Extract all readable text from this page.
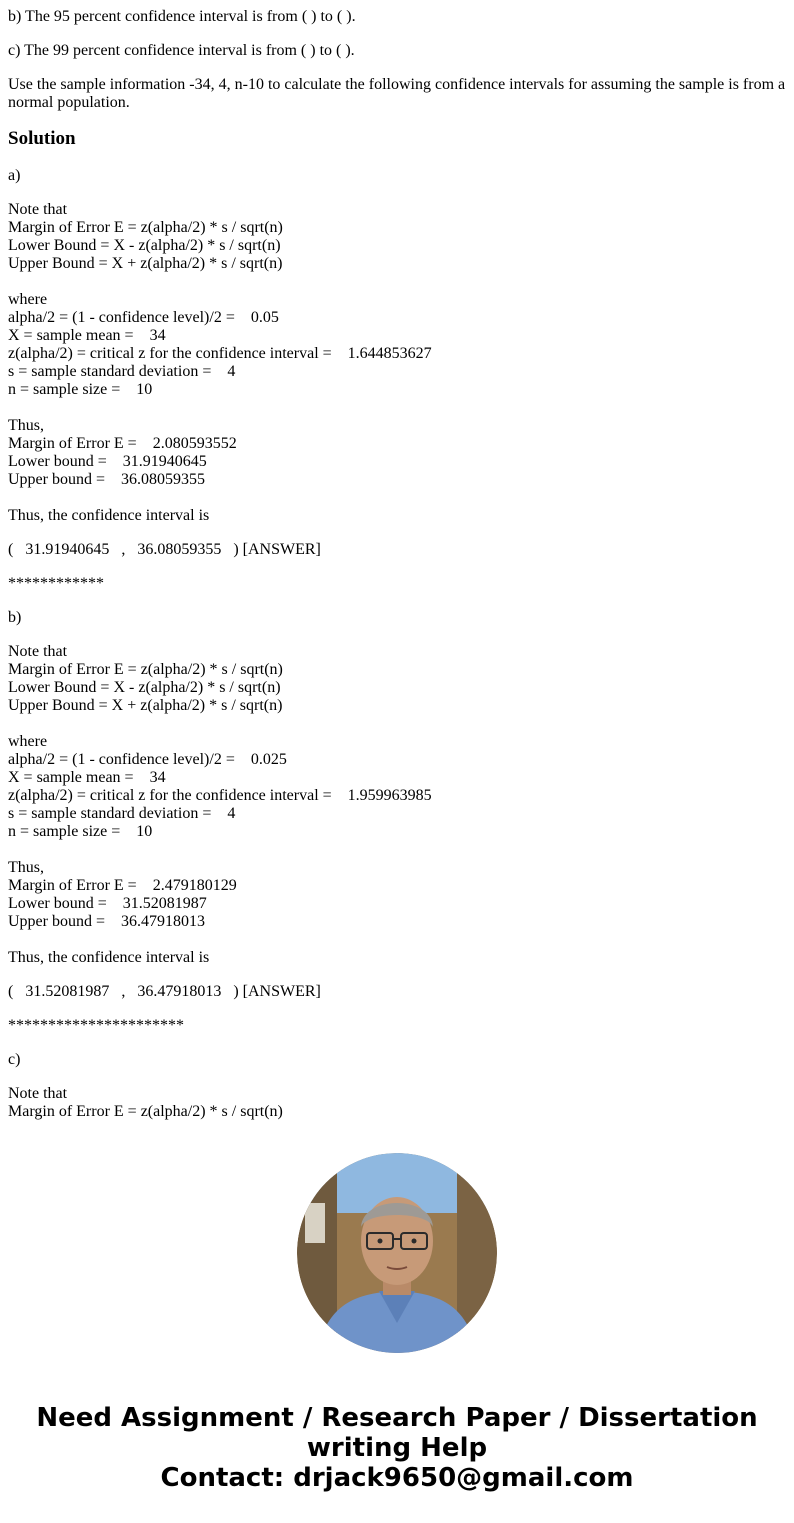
b) The 95 percent confidence interval is from ( ) to ( ).

c) The 99 percent confidence interval is from ( ) to ( ).

Use the sample information -34, 4, n-10 to calculate the following confidence intervals for assuming the sample is from a normal population.

Solution

a)

Note that
Margin of Error E = z(alpha/2) * s / sqrt(n)
Lower Bound = X - z(alpha/2) * s / sqrt(n)
Upper Bound = X + z(alpha/2) * s / sqrt(n)

where
alpha/2 = (1 - confidence level)/2 =    0.05
X = sample mean =    34
z(alpha/2) = critical z for the confidence interval =    1.644853627
s = sample standard deviation =    4
n = sample size =    10

Thus,
Margin of Error E =    2.080593552
Lower bound =    31.91940645
Upper bound =    36.08059355

Thus, the confidence interval is

(   31.91940645   ,   36.08059355   ) [ANSWER]

************

b)

Note that
Margin of Error E = z(alpha/2) * s / sqrt(n)
Lower Bound = X - z(alpha/2) * s / sqrt(n)
Upper Bound = X + z(alpha/2) * s / sqrt(n)

where
alpha/2 = (1 - confidence level)/2 =    0.025
X = sample mean =    34
z(alpha/2) = critical z for the confidence interval =    1.959963985
s = sample standard deviation =    4
n = sample size =    10

Thus,
Margin of Error E =    2.479180129
Lower bound =    31.52081987
Upper bound =    36.47918013

Thus, the confidence interval is

(   31.52081987   ,   36.47918013   ) [ANSWER]

**********************

c)

Note that
Margin of Error E = z(alpha/2) * s / sqrt(n)

Need Assignment / Research Paper / Dissertation
writing Help
Contact: drjack9650@gmail.com
